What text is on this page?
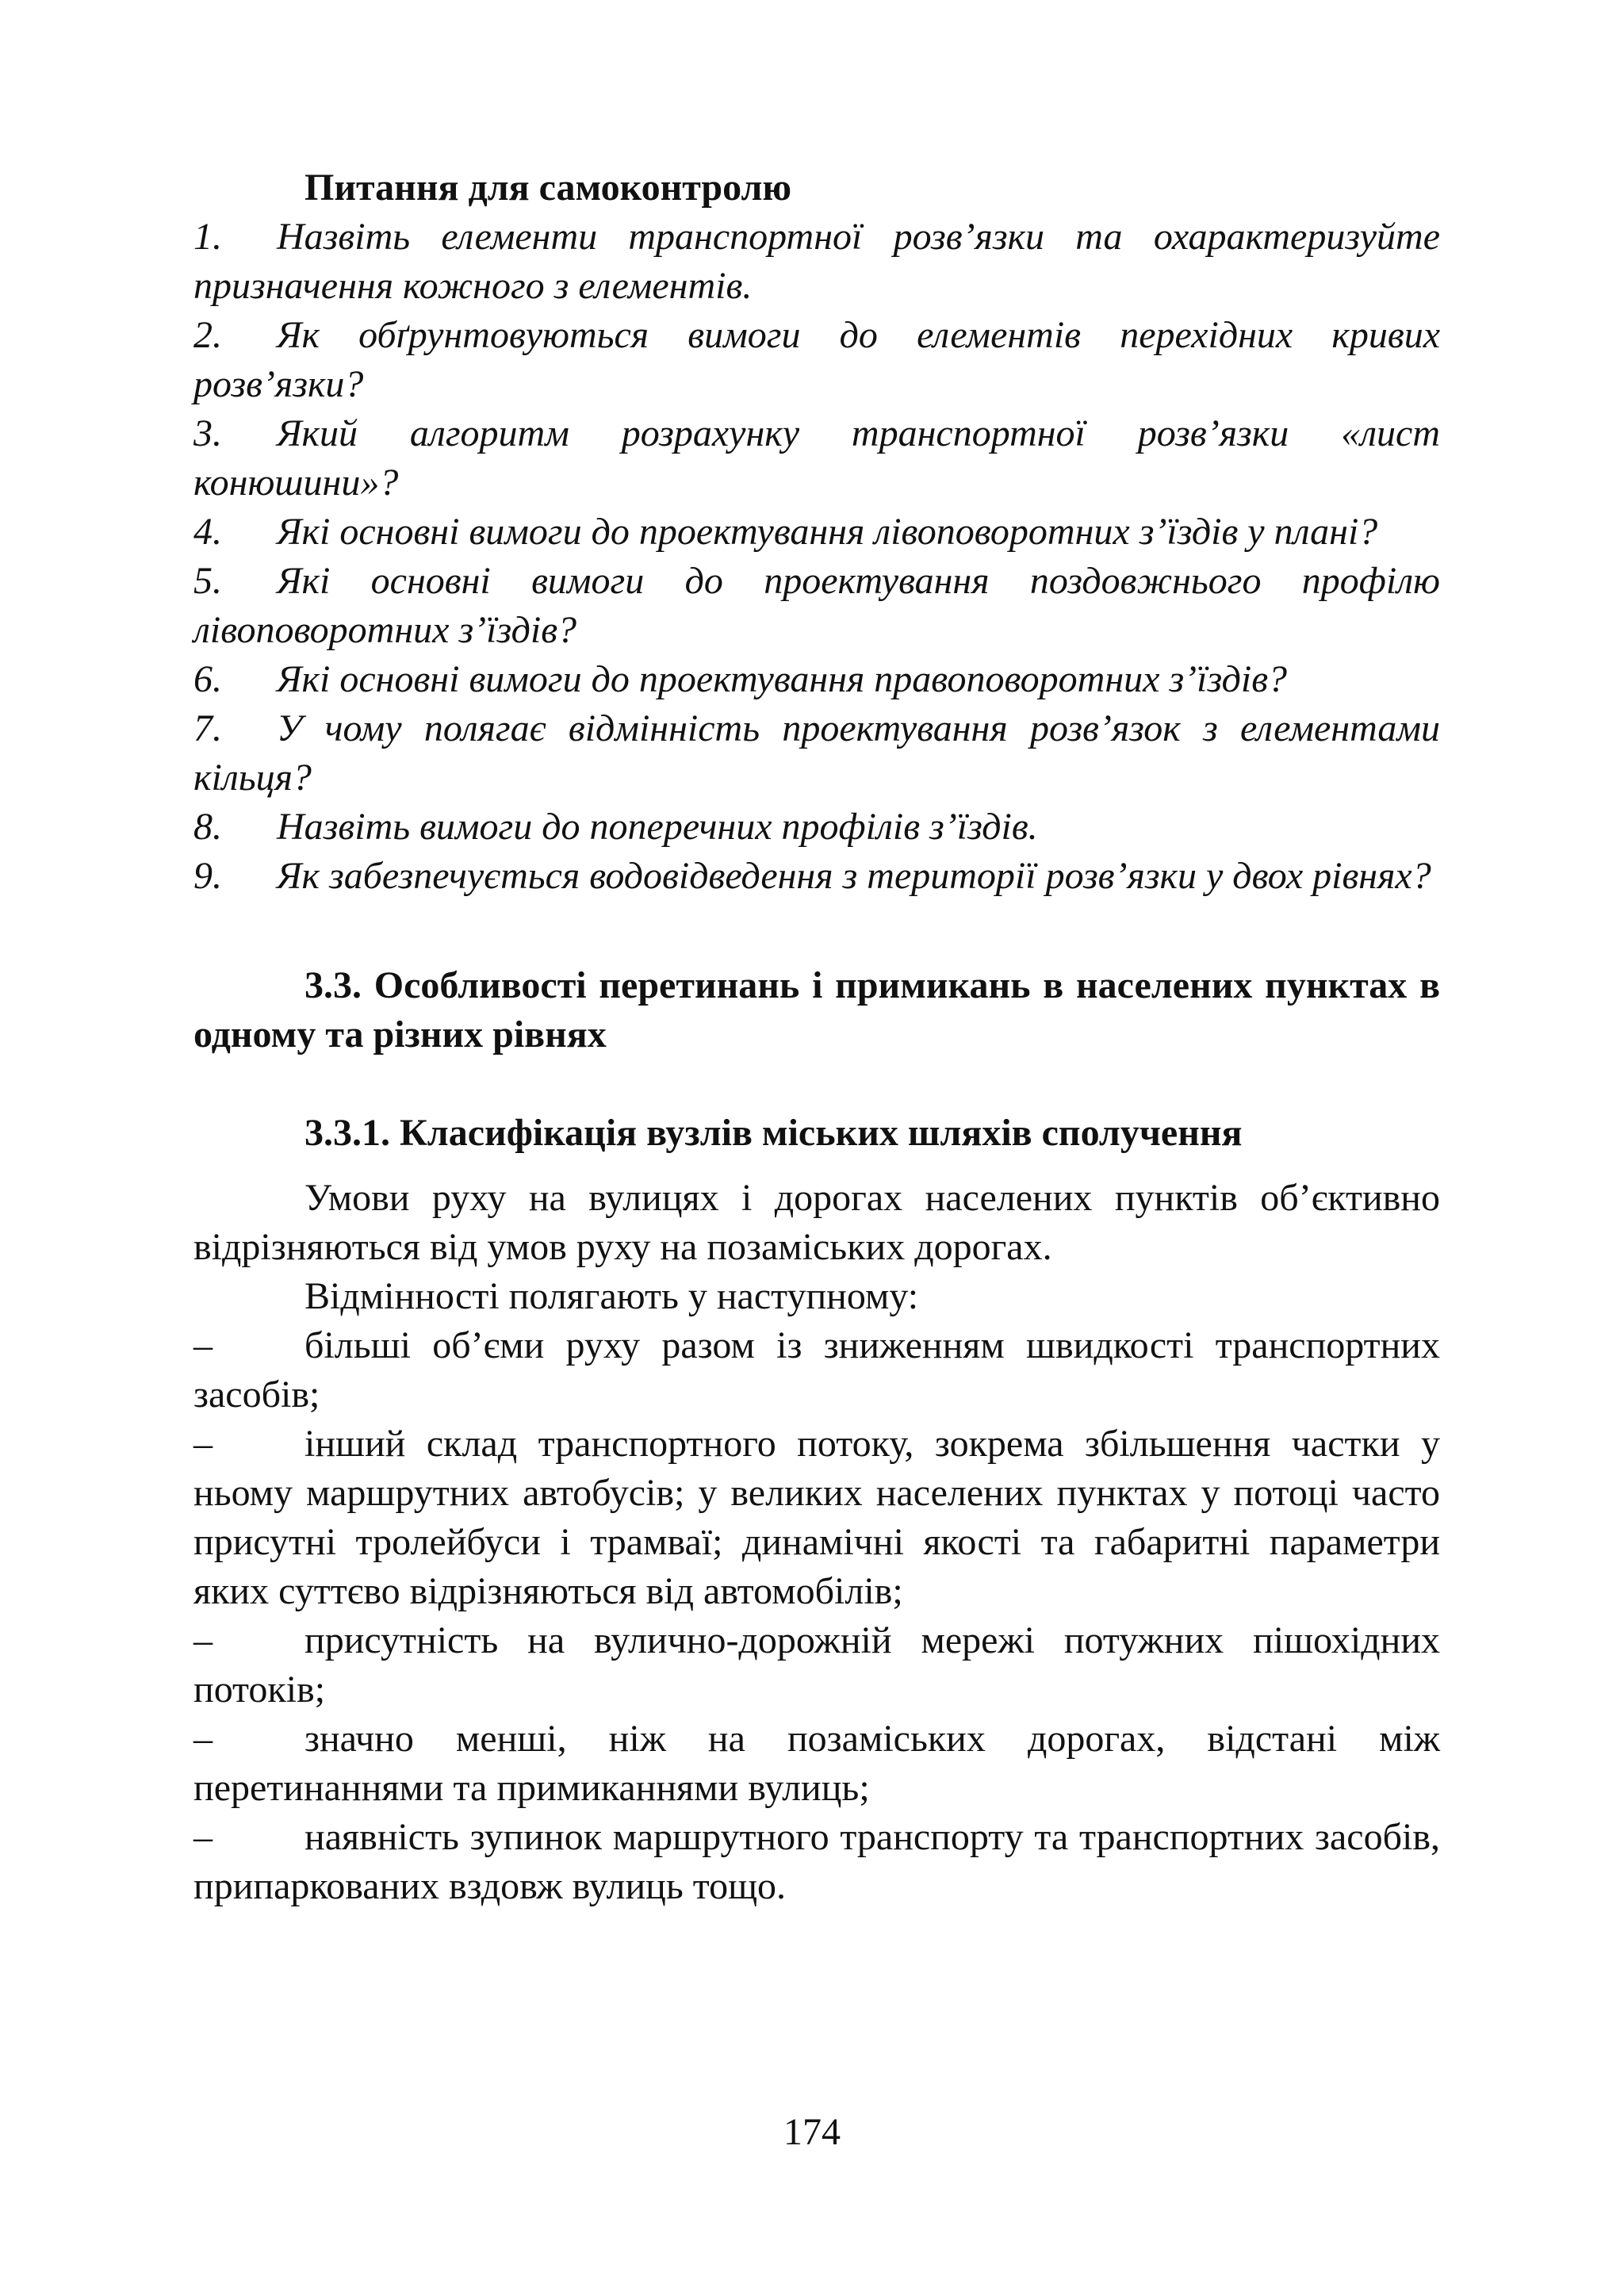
Питання для самоконтролю

1. Назвіть елементи транспортної розв’язки та охарактеризуйте призначення кожного з елементів.

2. Як обґрунтовуються вимоги до елементів перехідних кривих розв’язки?

3. Який алгоритм розрахунку транспортної розв’язки «лист конюшини»?

4. Які основні вимоги до проектування лівоповоротних з’їздів у плані?

5. Які основні вимоги до проектування поздовжнього профілю лівоповоротних з’їздів?

6. Які основні вимоги до проектування правоповоротних з’їздів?

7. У чому полягає відмінність проектування розв’язок з елементами кільця?

8. Назвіть вимоги до поперечних профілів з’їздів.

9. Як забезпечується водовідведення з території розв’язки у двох рівнях?

3.3. Особливості перетинань і примикань в населених пунктах в одному та різних рівнях

3.3.1. Класифікація вузлів міських шляхів сполучення

Умови руху на вулицях і дорогах населених пунктів об’єктивно відрізняються від умов руху на позаміських дорогах.

Відмінності полягають у наступному:

– більші об’єми руху разом із зниженням швидкості транспортних засобів;

– інший склад транспортного потоку, зокрема збільшення частки у ньому маршрутних автобусів; у великих населених пунктах у потоці часто присутні тролейбуси і трамваї; динамічні якості та габаритні параметри яких суттєво відрізняються від автомобілів;

– присутність на вулично-дорожній мережі потужних пішохідних потоків;

– значно менші, ніж на позаміських дорогах, відстані між перетинаннями та примиканнями вулиць;

– наявність зупинок маршрутного транспорту та транспортних засобів, припаркованих вздовж вулиць тощо.

174
